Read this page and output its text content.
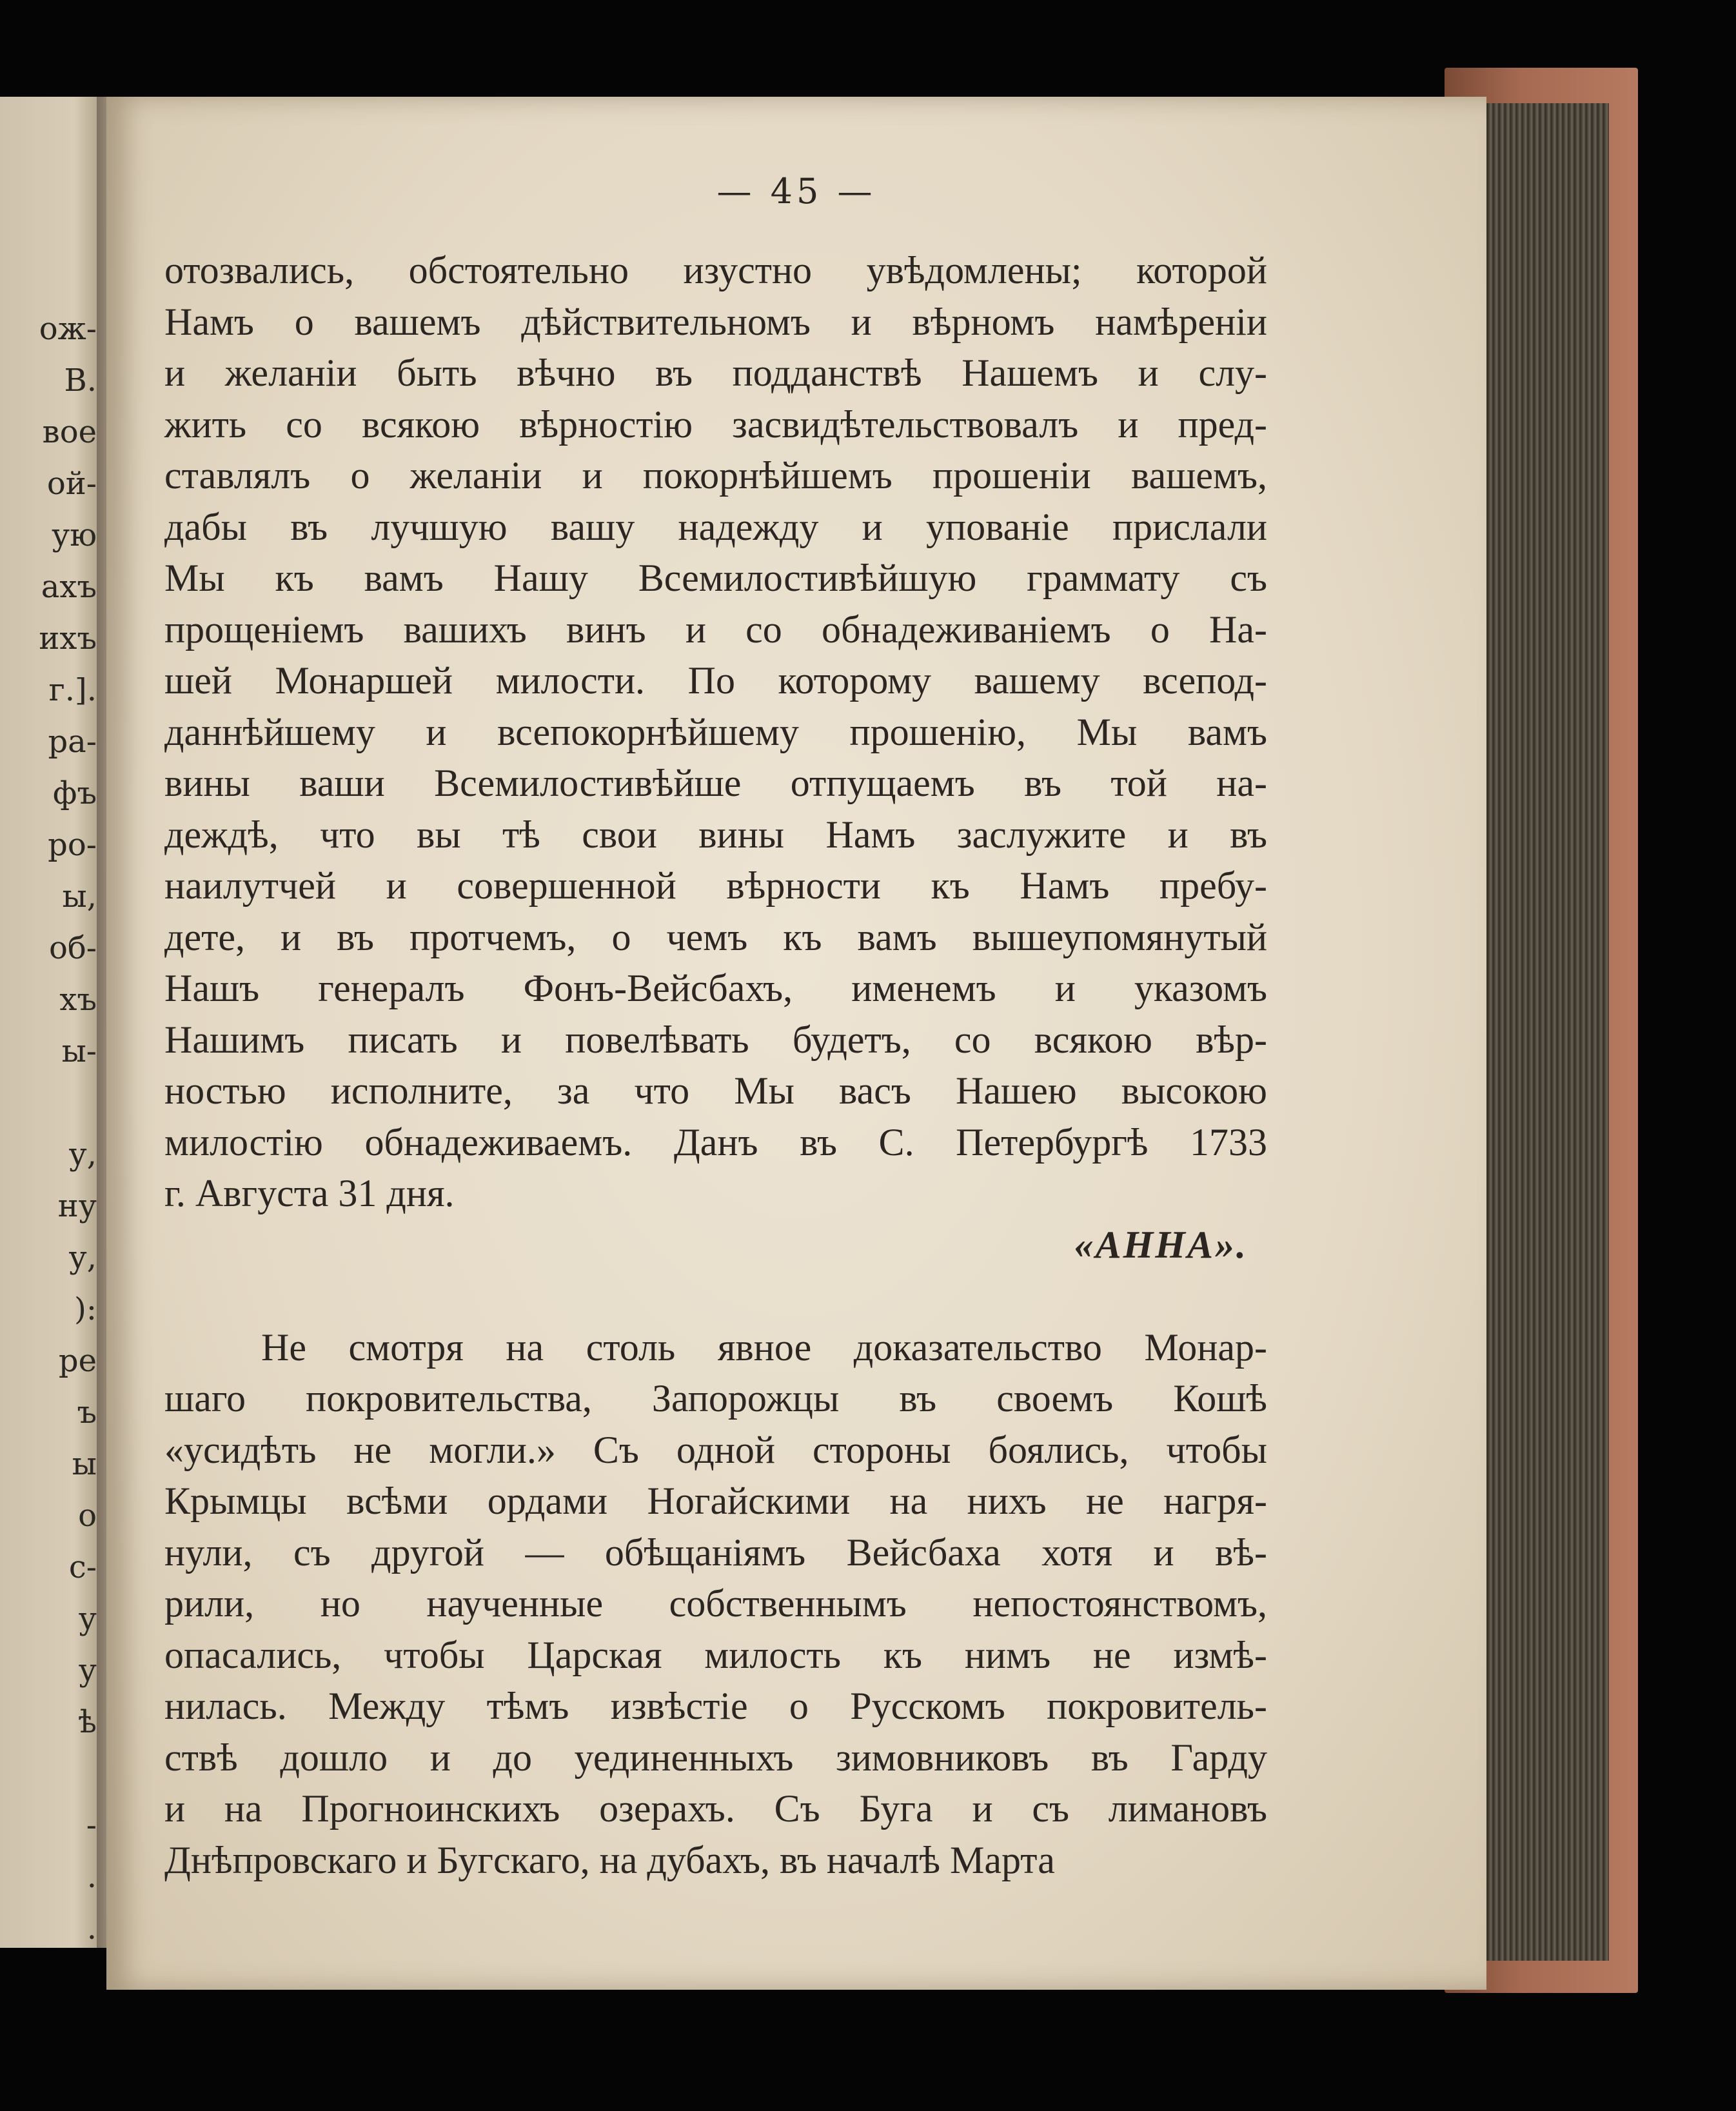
ож-
В.
вое
ой-
ую
ахъ
ихъ
г.].
ра-
фъ
ро-
ы,
об-
хъ
ы-

у,
ну
у,
):
ре
ъ
ы
о
с-
у
у
ѣ

-
.
.
— 45 —
отозвались, обстоятельно изустно увѣдомлены; которой
Намъ о вашемъ дѣйствительномъ и вѣрномъ намѣреніи
и желаніи быть вѣчно въ подданствѣ Нашемъ и слу-
жить со всякою вѣрностію засвидѣтельствовалъ и пред-
ставлялъ о желаніи и покорнѣйшемъ прошеніи вашемъ,
дабы въ лучшую вашу надежду и упованіе прислали
Мы къ вамъ Нашу Всемилостивѣйшую граммату съ
прощеніемъ вашихъ винъ и со обнадеживаніемъ о На-
шей Монаршей милости. По которому вашему всепод-
даннѣйшему и всепокорнѣйшему прошенію, Мы вамъ
вины ваши Всемилостивѣйше отпущаемъ въ той на-
деждѣ, что вы тѣ свои вины Намъ заслужите и въ
наилутчей и совершенной вѣрности къ Намъ пребу-
дете, и въ протчемъ, о чемъ къ вамъ вышеупомянутый
Нашъ генералъ Фонъ-Вейсбахъ, именемъ и указомъ
Нашимъ писать и повелѣвать будетъ, со всякою вѣр-
ностью исполните, за что Мы васъ Нашею высокою
милостію обнадеживаемъ. Данъ въ С. Петербургѣ 1733
г. Августа 31 дня.
«АННА».
Не смотря на столь явное доказательство Монар-
шаго покровительства, Запорожцы въ своемъ Кошѣ
«усидѣть не могли.» Съ одной стороны боялись, чтобы
Крымцы всѣми ордами Ногайскими на нихъ не нагря-
нули, съ другой — обѣщаніямъ Вейсбаха хотя и вѣ-
рили, но наученные собственнымъ непостоянствомъ,
опасались, чтобы Царская милость къ нимъ не измѣ-
нилась. Между тѣмъ извѣстіе о Русскомъ покровитель-
ствѣ дошло и до уединенныхъ зимовниковъ въ Гарду
и на Прогноинскихъ озерахъ. Съ Буга и съ лимановъ
Днѣпровскаго и Бугскаго, на дубахъ, въ началѣ Марта
